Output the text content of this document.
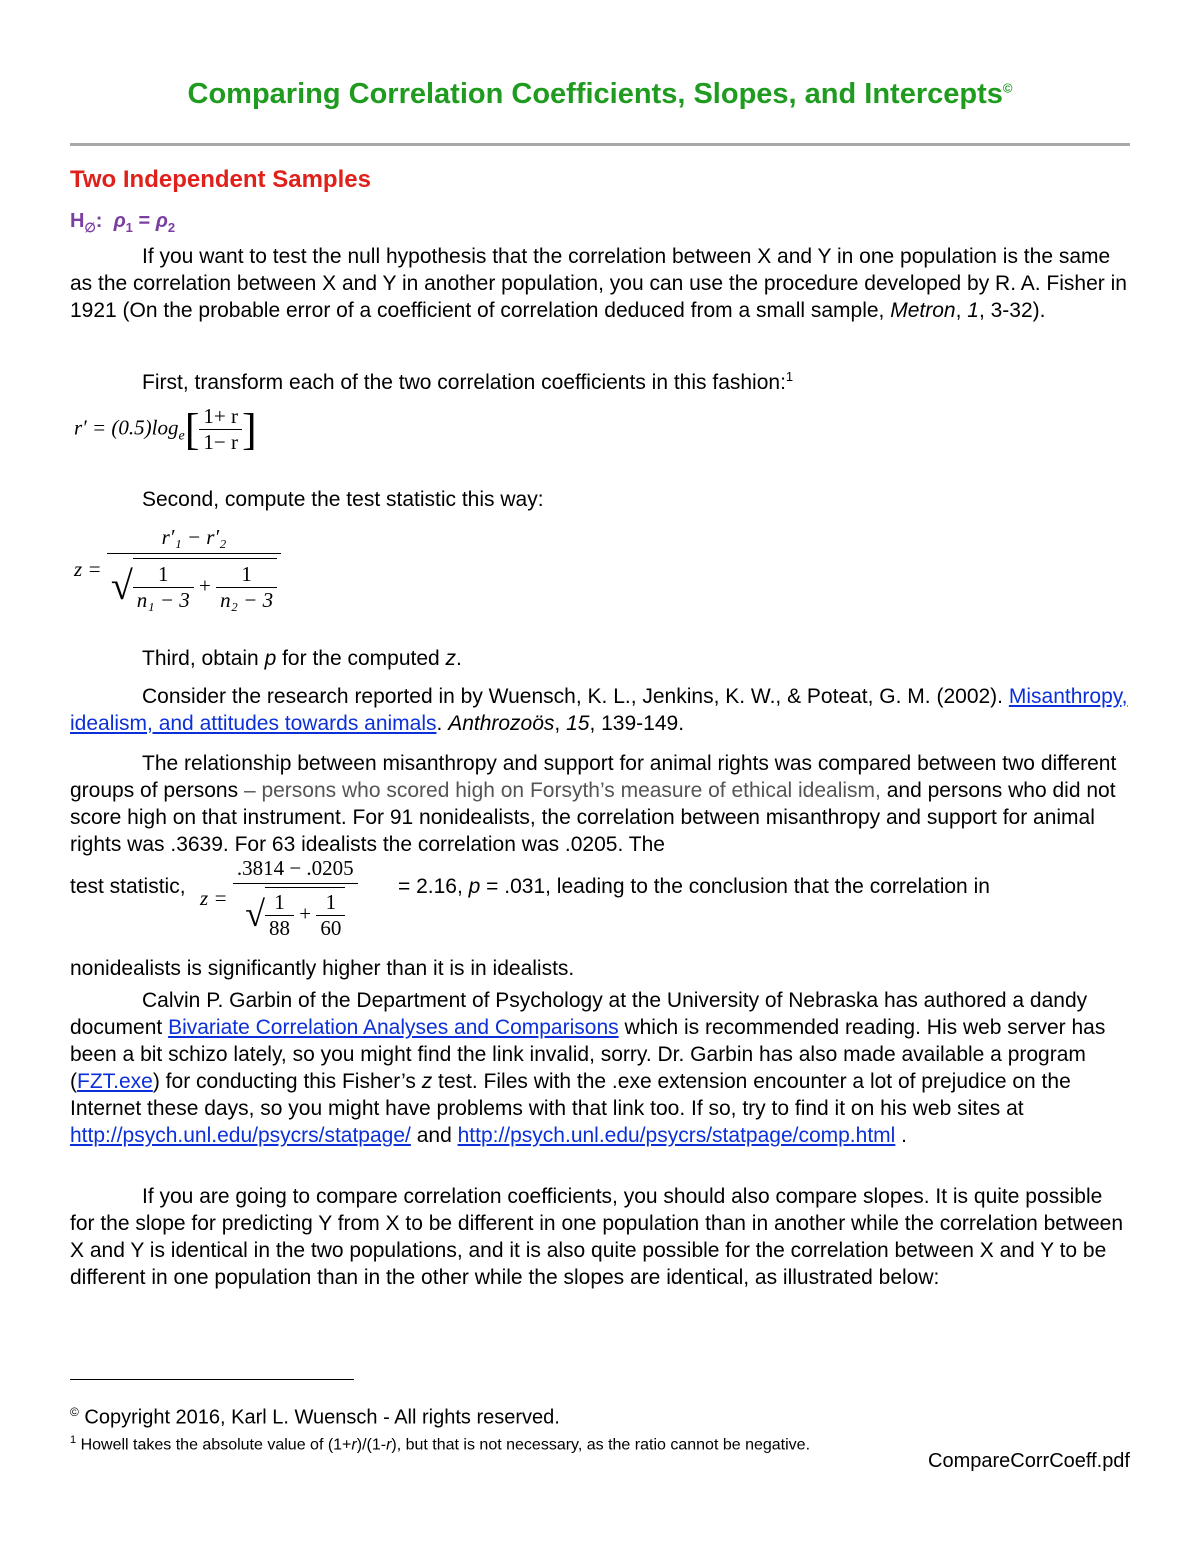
Comparing Correlation Coefficients, Slopes, and Intercepts©
Two Independent Samples
$H_\emptyset$:  $\rho_1 = \rho_2$
If you want to test the null hypothesis that the correlation between X and Y in one population is the same as the correlation between X and Y in another population, you can use the procedure developed by R. A. Fisher in 1921 (On the probable error of a coefficient of correlation deduced from a small sample, Metron, 1, 3-32).
First, transform each of the two correlation coefficients in this fashion:$^1$
$r' = (0.5)\log_e[ \frac{1+ r}{1- r}$ ]
Second, compute the test statistic this way:
$z = \frac{\text{r′₁ − r′₂}}{√ \frac{1}{\text{n₁ − 3}} + \frac{1}{\text{n₂ − 3}}}$
Third, obtain p for the computed z.
Consider the research reported in by Wuensch, K. L., Jenkins, K. W., & Poteat, G. M. (2002). Misanthropy, idealism, and attitudes towards animals. Anthrozoös, 15, 139-149.
The relationship between misanthropy and support for animal rights was compared between two different groups of persons – persons who scored high on Forsyth’s measure of ethical idealism, and persons who did not score high on that instrument. For 91 nonidealists, the correlation between misanthropy and support for animal rights was .3639. For 63 idealists the correlation was .0205. The
test statistic, $z = \frac{.3814 - .0205}{√ \frac{1}{88} + \frac{1}{60}} = 2.16$, p = .031, leading to the conclusion that the correlation in
nonidealists is significantly higher than it is in idealists.
Calvin P. Garbin of the Department of Psychology at the University of Nebraska has authored a dandy document Bivariate Correlation Analyses and Comparisons which is recommended reading. His web server has been a bit schizo lately, so you might find the link invalid, sorry. Dr. Garbin has also made available a program (FZT.exe) for conducting this Fisher’s z test. Files with the .exe extension encounter a lot of prejudice on the Internet these days, so you might have problems with that link too. If so, try to find it on his web sites at http://psych.unl.edu/psycrs/statpage/ and http://psych.unl.edu/psycrs/statpage/comp.html .
If you are going to compare correlation coefficients, you should also compare slopes. It is quite possible for the slope for predicting Y from X to be different in one population than in another while the correlation between X and Y is identical in the two populations, and it is also quite possible for the correlation between X and Y to be different in one population than in the other while the slopes are identical, as illustrated below:
© Copyright 2016, Karl L. Wuensch - All rights reserved.
$^1$ Howell takes the absolute value of (1+r)/(1-r), but that is not necessary, as the ratio cannot be negative.
CompareCorrCoeff.pdf
